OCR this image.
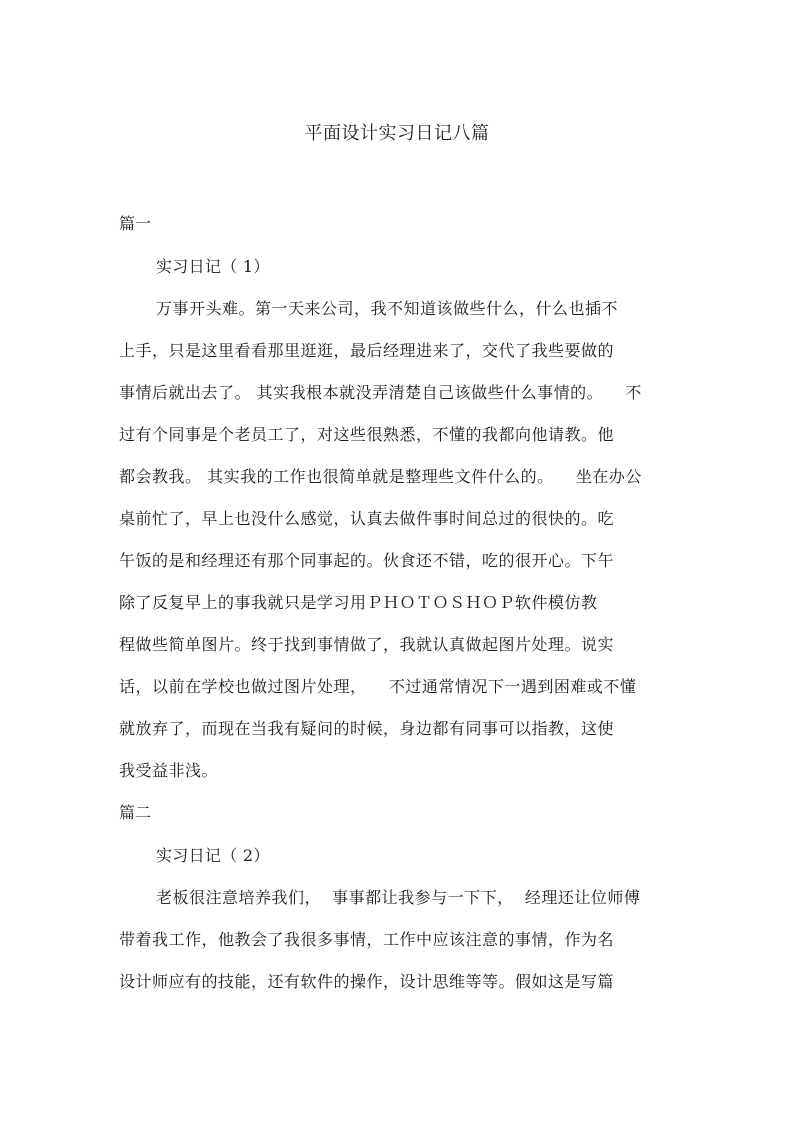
平面设计实习日记八篇
篇一
实习日记（ 1）
万事开头难。第一天来公司，我不知道该做些什么，什么也插不
上手，只是这里看看那里逛逛，最后经理进来了，交代了我些要做的
事情后就出去了。 其实我根本就没弄清楚自己该做些什么事情的。    不
过有个同事是个老员工了，对这些很熟悉，不懂的我都向他请教。他
都会教我。 其实我的工作也很简单就是整理些文件什么的。    坐在办公
桌前忙了，早上也没什么感觉，认真去做件事时间总过的很快的。吃
午饭的是和经理还有那个同事起的。伙食还不错，吃的很开心。下午
除了反复早上的事我就只是学习用ＰＨＯＴＯＳＨＯＰ软件模仿教
程做些简单图片。终于找到事情做了，我就认真做起图片处理。说实
话，以前在学校也做过图片处理，    不过通常情况下一遇到困难或不懂
就放弃了，而现在当我有疑问的时候，身边都有同事可以指教，这使
我受益非浅。
篇二
实习日记（ 2）
老板很注意培养我们，  事事都让我参与一下下，  经理还让位师傅
带着我工作，他教会了我很多事情，工作中应该注意的事情，作为名
设计师应有的技能，还有软件的操作，设计思维等等。假如这是写篇
